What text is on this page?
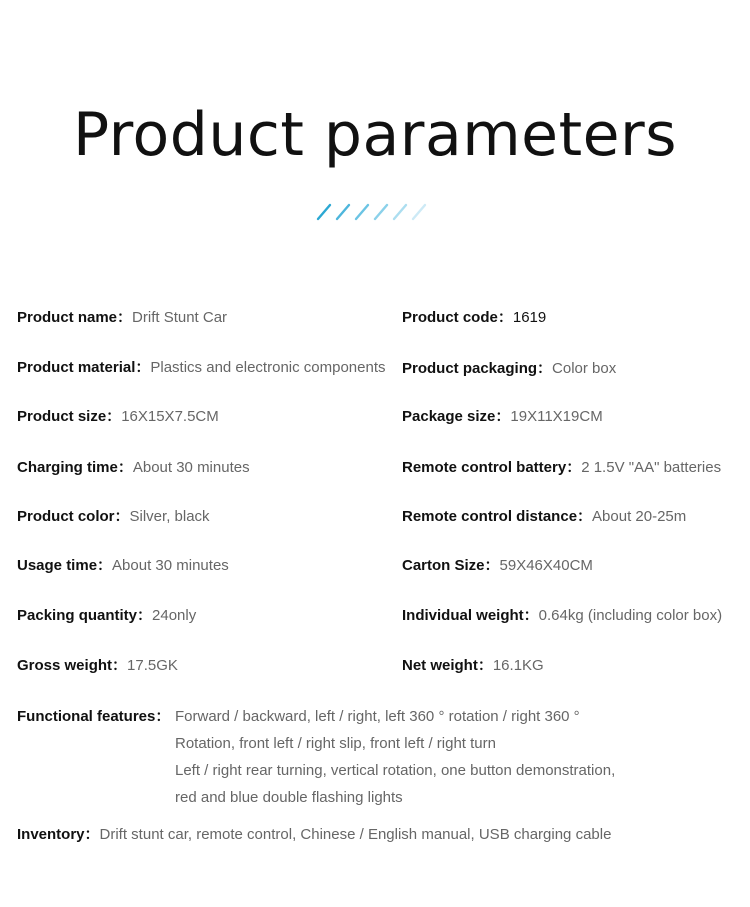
Product parameters
Product name：Drift Stunt Car
Product material：Plastics and electronic components
Product size：16X15X7.5CM
Charging time：About 30 minutes
Product color：Silver, black
Usage time：About 30 minutes
Packing quantity：24only
Gross weight：17.5GK
Product code：1619
Product packaging：Color box
Package size：19X11X19CM
Remote control battery：2 1.5V "AA" batteries
Remote control distance：About 20-25m
Carton Size：59X46X40CM
Individual weight：0.64kg (including color box)
Net weight：16.1KG
Functional features： Forward / backward, left / right, left 360 ° rotation / right 360 °
Rotation, front left / right slip, front left / right turn
Left / right rear turning, vertical rotation, one button demonstration,
red and blue double flashing lights
Inventory：Drift stunt car, remote control, Chinese / English manual, USB charging cable
